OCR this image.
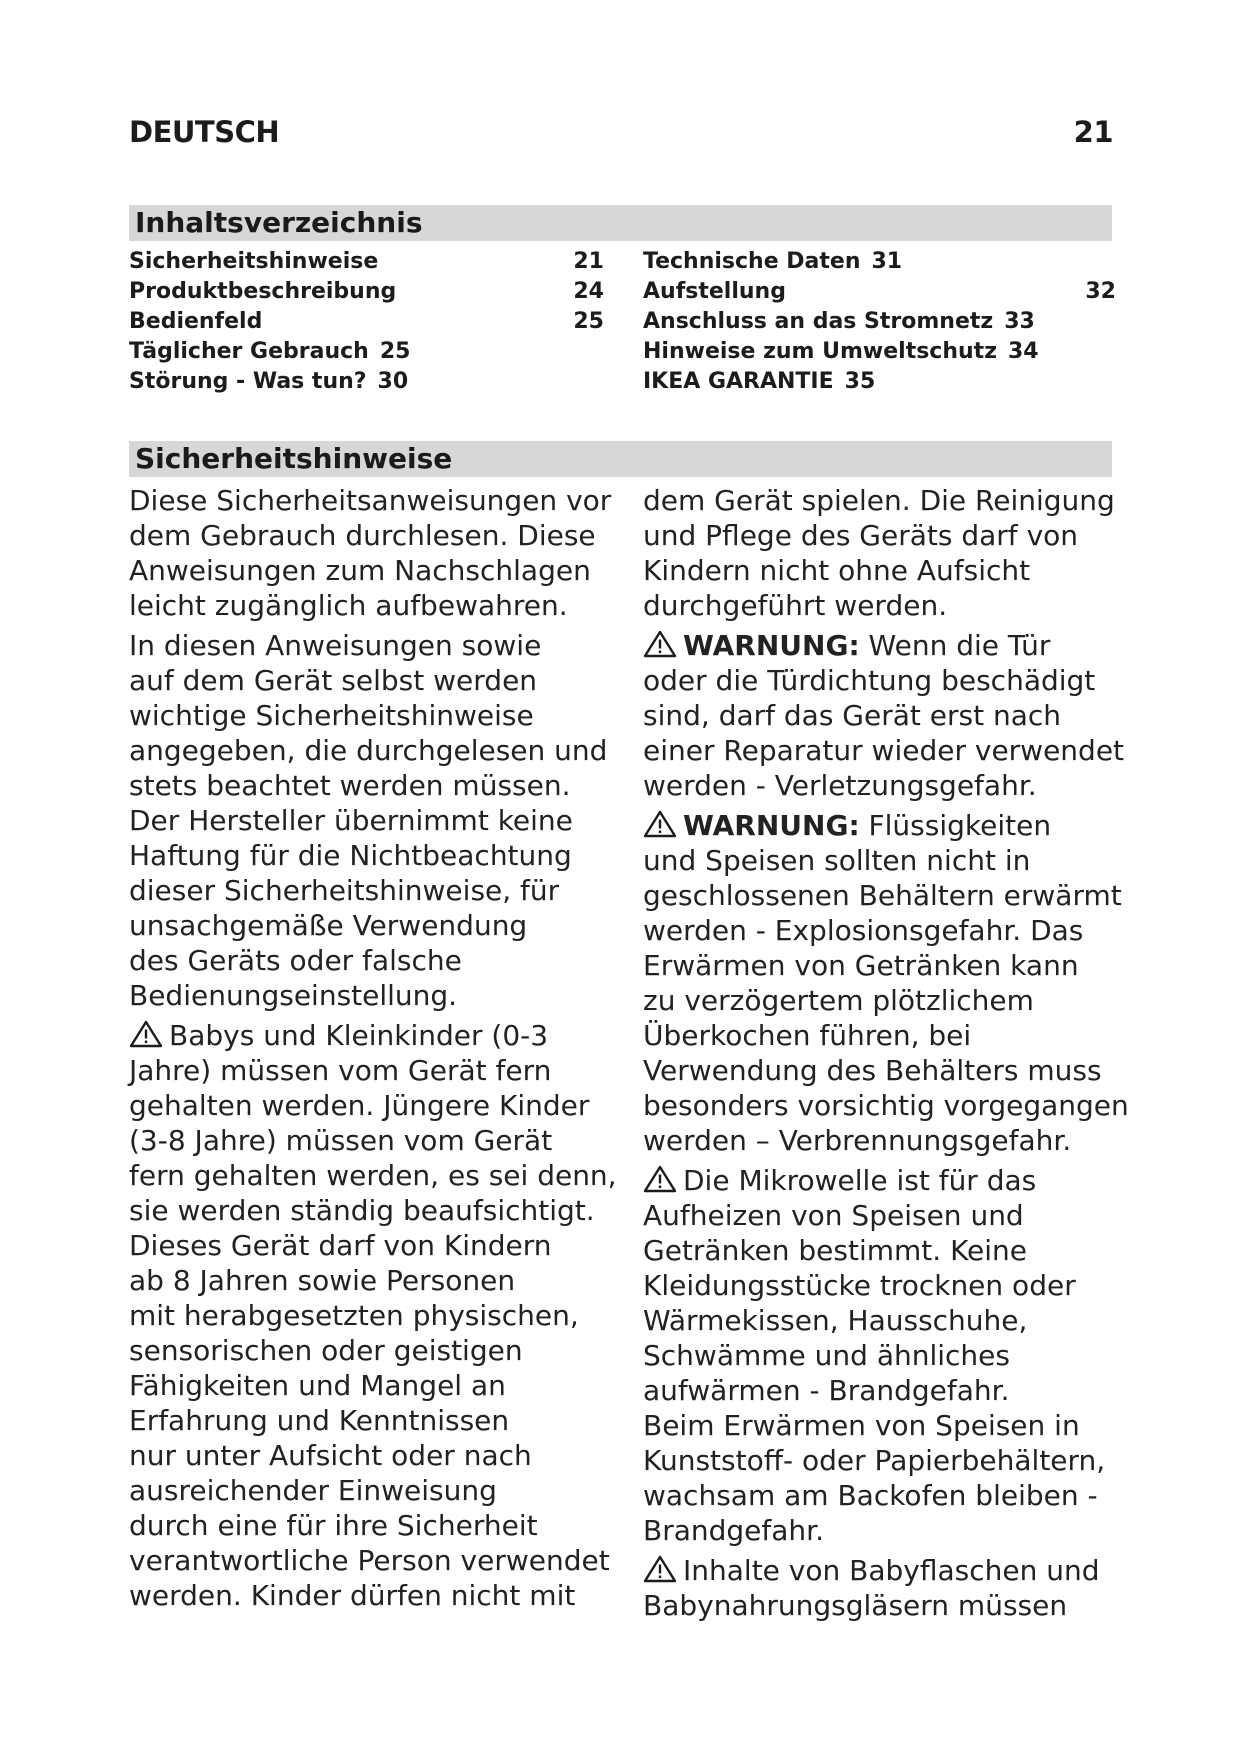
DEUTSCH	21
Inhaltsverzeichnis
Sicherheitshinweise	21
Produktbeschreibung	24
Bedienfeld	25
Täglicher Gebrauch 25
Störung - Was tun? 30
Technische Daten 31
Aufstellung	32
Anschluss an das Stromnetz 33
Hinweise zum Umweltschutz 34
IKEA GARANTIE 35
Sicherheitshinweise
Diese Sicherheitsanweisungen vor
dem Gebrauch durchlesen. Diese
Anweisungen zum Nachschlagen
leicht zugänglich aufbewahren.
In diesen Anweisungen sowie
auf dem Gerät selbst werden
wichtige Sicherheitshinweise
angegeben, die durchgelesen und
stets beachtet werden müssen.
Der Hersteller übernimmt keine
Haftung für die Nichtbeachtung
dieser Sicherheitshinweise, für
unsachgemäße Verwendung
des Geräts oder falsche
Bedienungseinstellung.
Babys und Kleinkinder (0-3
Jahre) müssen vom Gerät fern
gehalten werden. Jüngere Kinder
(3-8 Jahre) müssen vom Gerät
fern gehalten werden, es sei denn,
sie werden ständig beaufsichtigt.
Dieses Gerät darf von Kindern
ab 8 Jahren sowie Personen
mit herabgesetzten physischen,
sensorischen oder geistigen
Fähigkeiten und Mangel an
Erfahrung und Kenntnissen
nur unter Aufsicht oder nach
ausreichender Einweisung
durch eine für ihre Sicherheit
verantwortliche Person verwendet
werden. Kinder dürfen nicht mit
dem Gerät spielen. Die Reinigung
und Pflege des Geräts darf von
Kindern nicht ohne Aufsicht
durchgeführt werden.
WARNUNG: Wenn die Tür
oder die Türdichtung beschädigt
sind, darf das Gerät erst nach
einer Reparatur wieder verwendet
werden - Verletzungsgefahr.
WARNUNG: Flüssigkeiten
und Speisen sollten nicht in
geschlossenen Behältern erwärmt
werden - Explosionsgefahr. Das
Erwärmen von Getränken kann
zu verzögertem plötzlichem
Überkochen führen, bei
Verwendung des Behälters muss
besonders vorsichtig vorgegangen
werden – Verbrennungsgefahr.
Die Mikrowelle ist für das
Aufheizen von Speisen und
Getränken bestimmt. Keine
Kleidungsstücke trocknen oder
Wärmekissen, Hausschuhe,
Schwämme und ähnliches
aufwärmen - Brandgefahr.
Beim Erwärmen von Speisen in
Kunststoff- oder Papierbehältern,
wachsam am Backofen bleiben -
Brandgefahr.
Inhalte von Babyflaschen und
Babynahrungsgläsern müssen
